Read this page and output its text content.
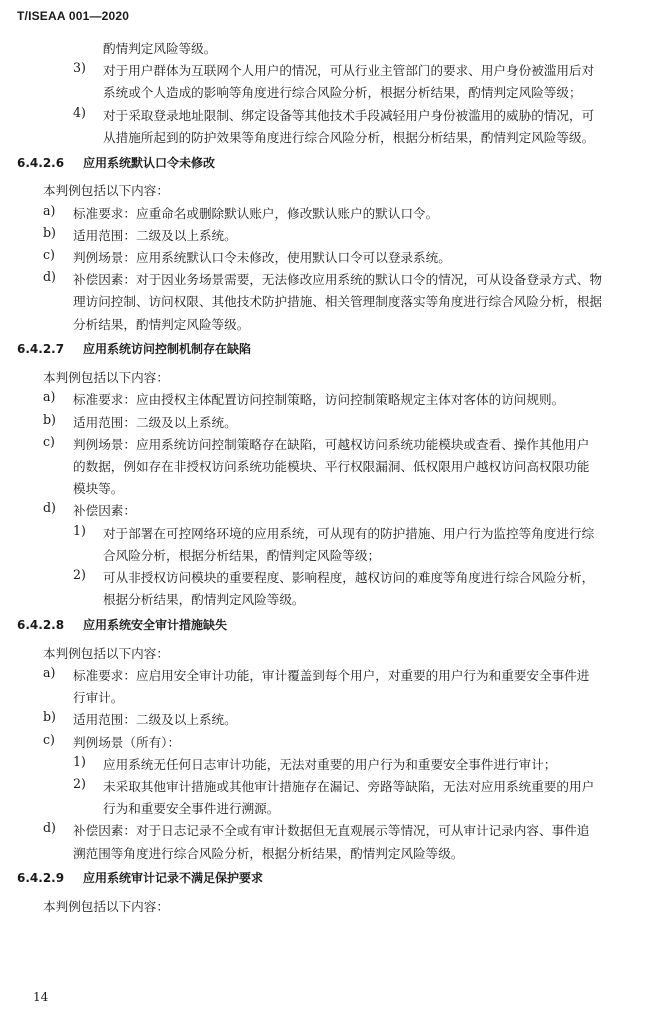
T/ISEAA 001—2020
酌情判定风险等级。
3) 对于用户群体为互联网个人用户的情况，可从行业主管部门的要求、用户身份被滥用后对
系统或个人造成的影响等角度进行综合风险分析，根据分析结果，酌情判定风险等级；
4) 对于采取登录地址限制、绑定设备等其他技术手段减轻用户身份被滥用的威胁的情况，可
从措施所起到的防护效果等角度进行综合风险分析，根据分析结果，酌情判定风险等级。
6.4.2.6 应用系统默认口令未修改
本判例包括以下内容：
a) 标准要求：应重命名或删除默认账户，修改默认账户的默认口令。
b) 适用范围：二级及以上系统。
c) 判例场景：应用系统默认口令未修改，使用默认口令可以登录系统。
d) 补偿因素：对于因业务场景需要，无法修改应用系统的默认口令的情况，可从设备登录方式、物
理访问控制、访问权限、其他技术防护措施、相关管理制度落实等角度进行综合风险分析，根据
分析结果，酌情判定风险等级。
6.4.2.7 应用系统访问控制机制存在缺陷
本判例包括以下内容：
a) 标准要求：应由授权主体配置访问控制策略，访问控制策略规定主体对客体的访问规则。
b) 适用范围：二级及以上系统。
c) 判例场景：应用系统访问控制策略存在缺陷，可越权访问系统功能模块或查看、操作其他用户
的数据，例如存在非授权访问系统功能模块、平行权限漏洞、低权限用户越权访问高权限功能
模块等。
d) 补偿因素：
1) 对于部署在可控网络环境的应用系统，可从现有的防护措施、用户行为监控等角度进行综
合风险分析，根据分析结果，酌情判定风险等级；
2) 可从非授权访问模块的重要程度、影响程度，越权访问的难度等角度进行综合风险分析，
根据分析结果，酌情判定风险等级。
6.4.2.8 应用系统安全审计措施缺失
本判例包括以下内容：
a) 标准要求：应启用安全审计功能，审计覆盖到每个用户，对重要的用户行为和重要安全事件进
行审计。
b) 适用范围：二级及以上系统。
c) 判例场景（所有）：
1) 应用系统无任何日志审计功能，无法对重要的用户行为和重要安全事件进行审计；
2) 未采取其他审计措施或其他审计措施存在漏记、旁路等缺陷，无法对应用系统重要的用户
行为和重要安全事件进行溯源。
d) 补偿因素：对于日志记录不全或有审计数据但无直观展示等情况，可从审计记录内容、事件追
溯范围等角度进行综合风险分析，根据分析结果，酌情判定风险等级。
6.4.2.9 应用系统审计记录不满足保护要求
本判例包括以下内容：
14
